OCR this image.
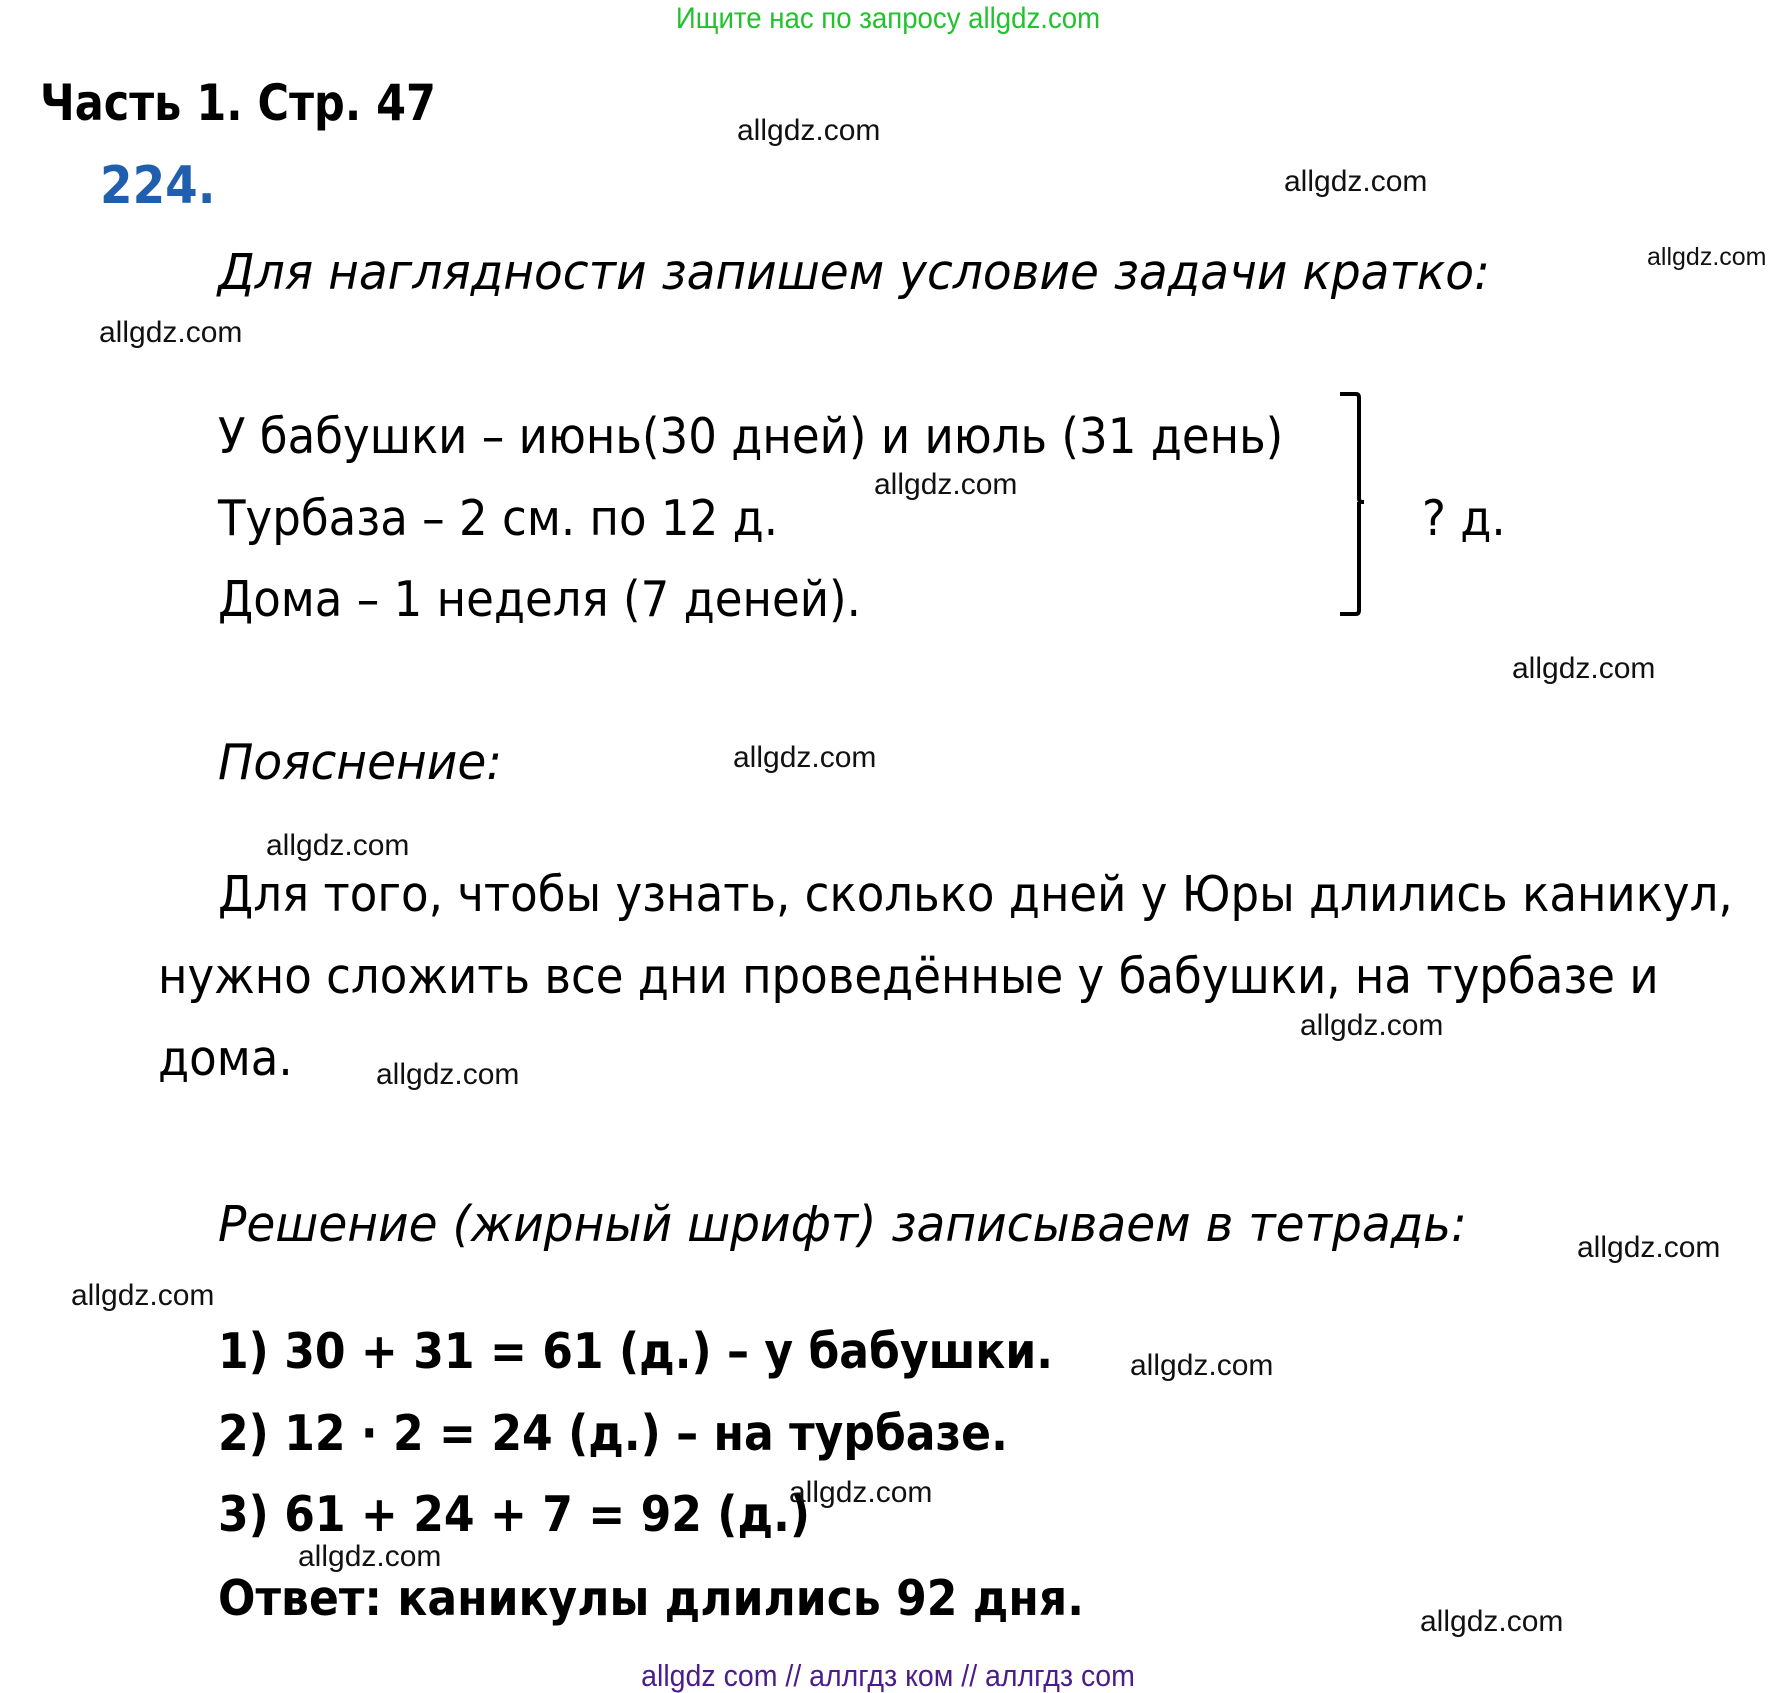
Ищите нас по запросу allgdz.com
Часть 1. Стр. 47
224.
Для наглядности запишем условие задачи кратко:
У бабушки – июнь(30 дней) и июль (31 день)
Турбаза – 2 см. по 12 д.
Дома – 1 неделя (7 деней).
? д.
Пояснение:
Для того, чтобы узнать, сколько дней у Юры длились каникул,
нужно сложить все дни проведённые у бабушки, на турбазе и
дома.
Решение (жирный шрифт) записываем в тетрадь:
1) 30 + 31 = 61 (д.) – у бабушки.
2) 12 · 2 = 24 (д.) – на турбазе.
3) 61 + 24 + 7 = 92 (д.)
Ответ: каникулы длились 92 дня.
allgdz.com
allgdz.com
allgdz.com
allgdz.com
allgdz.com
allgdz.com
allgdz.com
allgdz.com
allgdz.com
allgdz.com
allgdz.com
allgdz.com
allgdz.com
allgdz.com
allgdz.com
allgdz.com
allgdz com // аллгдз ком // аллгдз com
